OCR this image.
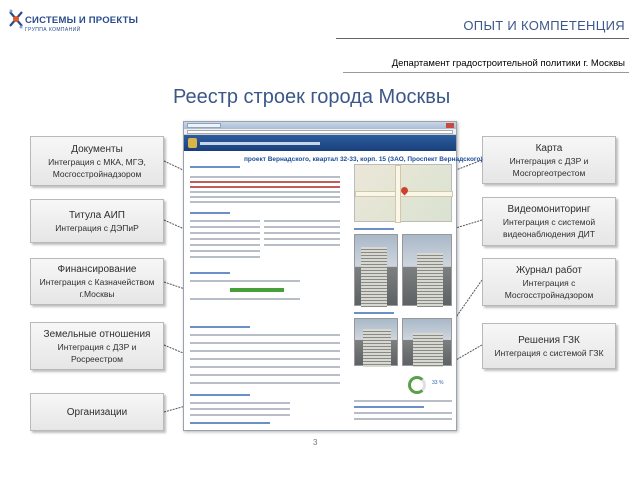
СИСТЕМЫ И ПРОЕКТЫ
ГРУППА КОМПАНИЙ	ОПЫТ И КОМПЕТЕНЦИЯ
Департамент градостроительной политики г. Москвы
Реестр строек города Москвы
Документы
Интеграция с МКА, МГЭ,
Мосгосстройнадзором
Титула АИП
Интеграция с ДЭПиР
Финансирование
Интеграция с Казначейством
г.Москвы
Земельные отношения
Интеграция с ДЗР и
Росреестром
Организации
Карта
Интеграция с ДЗР и
Мосгоргеотрестом
Видеомониторинг
Интеграция с системой
видеонаблюдения ДИТ
Журнал работ
Интеграция с
Мосгосстройнадзором
Решения ГЗК
Интеграция с системой ГЗК
проект Вернадского, квартал 32-33, корп. 15 (ЗАО, Проспект Вернадского)
33 %
3
